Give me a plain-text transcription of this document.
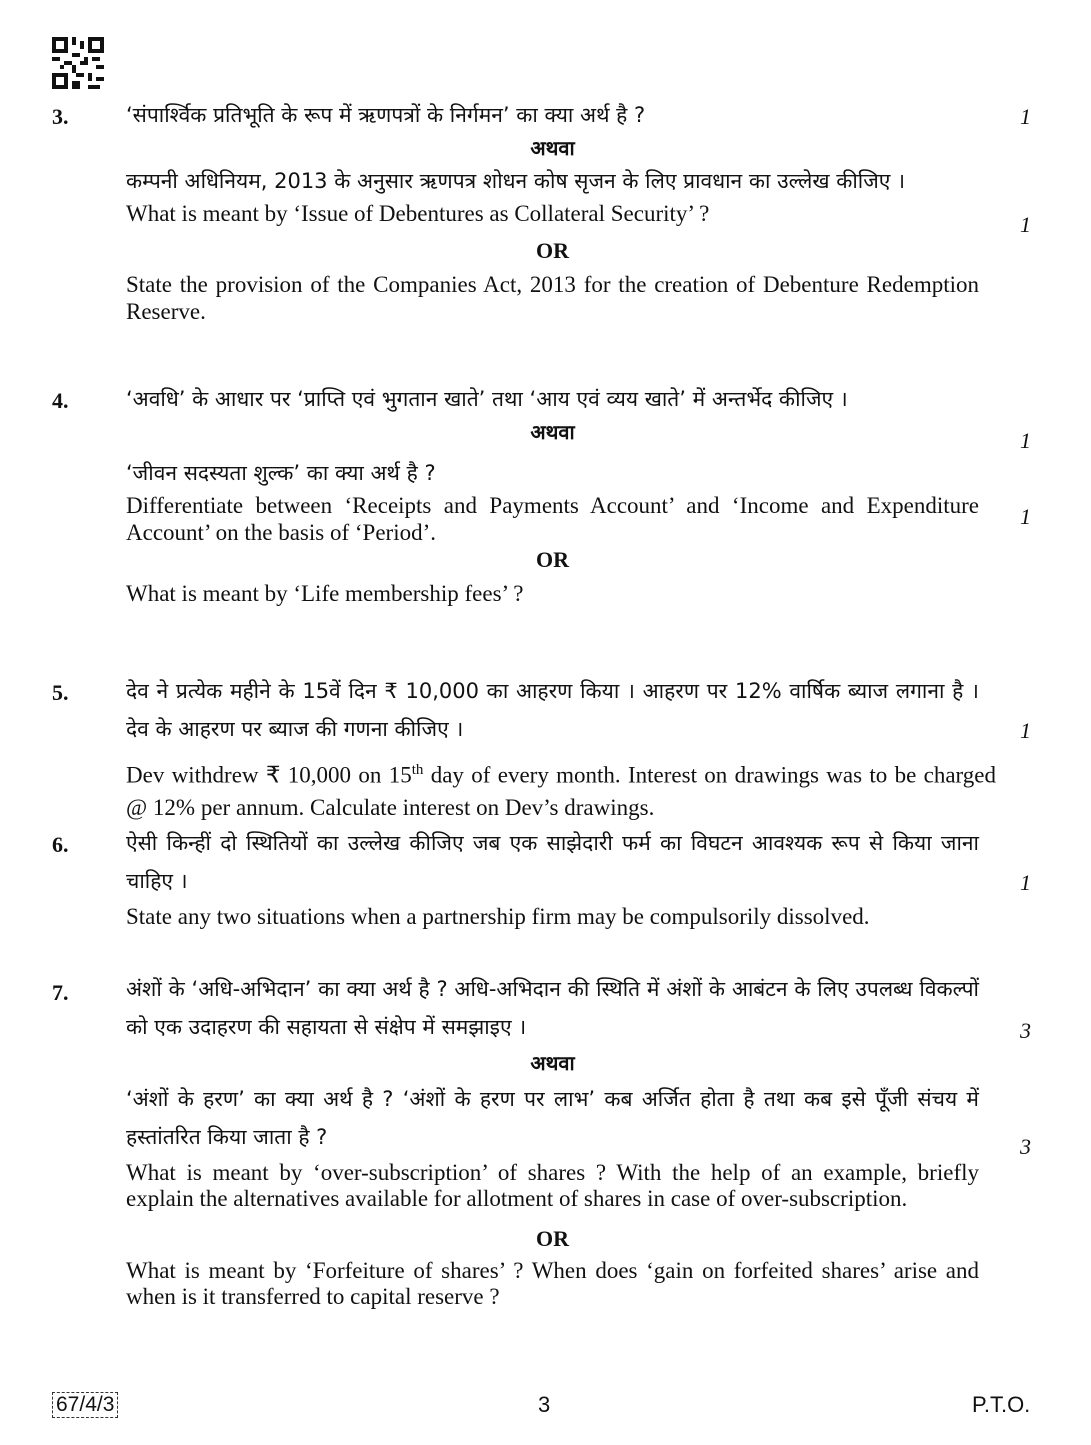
3.	‘संपार्श्विक प्रतिभूति के रूप में ऋणपत्रों के निर्गमन’ का क्या अर्थ है ?

अथवा

कम्पनी अधिनियम, 2013 के अनुसार ऋणपत्र शोधन कोष सृजन के लिए प्रावधान का उल्लेख कीजिए ।

What is meant by ‘Issue of Debentures as Collateral Security’ ?

OR

State the provision of the Companies Act, 2013 for the creation of Debenture Redemption Reserve.

1
1
4.	‘अवधि’ के आधार पर ‘प्राप्ति एवं भुगतान खाते’ तथा ‘आय एवं व्यय खाते’ में अन्तर्भेद कीजिए ।

अथवा

‘जीवन सदस्यता शुल्क’ का क्या अर्थ है ?

Differentiate between ‘Receipts and Payments Account’ and ‘Income and Expenditure Account’ on the basis of ‘Period’.

OR

What is meant by ‘Life membership fees’ ?

1
1
5.	देव ने प्रत्येक महीने के 15वें दिन ₹ 10,000 का आहरण किया । आहरण पर 12% वार्षिक ब्याज लगाना है । देव के आहरण पर ब्याज की गणना कीजिए ।

Dev withdrew ₹ 10,000 on 15th day of every month. Interest on drawings was to be charged @ 12% per annum. Calculate interest on Dev’s drawings.

1
6.	ऐसी किन्हीं दो स्थितियों का उल्लेख कीजिए जब एक साझेदारी फर्म का विघटन आवश्यक रूप से किया जाना चाहिए ।

State any two situations when a partnership firm may be compulsorily dissolved.

1
7.	अंशों के ‘अधि-अभिदान’ का क्या अर्थ है ? अधि-अभिदान की स्थिति में अंशों के आबंटन के लिए उपलब्ध विकल्पों को एक उदाहरण की सहायता से संक्षेप में समझाइए ।

अथवा

‘अंशों के हरण’ का क्या अर्थ है ? ‘अंशों के हरण पर लाभ’ कब अर्जित होता है तथा कब इसे पूँजी संचय में हस्तांतरित किया जाता है ?

What is meant by ‘over-subscription’ of shares ? With the help of an example, briefly explain the alternatives available for allotment of shares in case of over-subscription.

OR

What is meant by ‘Forfeiture of shares’ ? When does ‘gain on forfeited shares’ arise and when is it transferred to capital reserve ?

3
3
67/4/3	3	P.T.O.
